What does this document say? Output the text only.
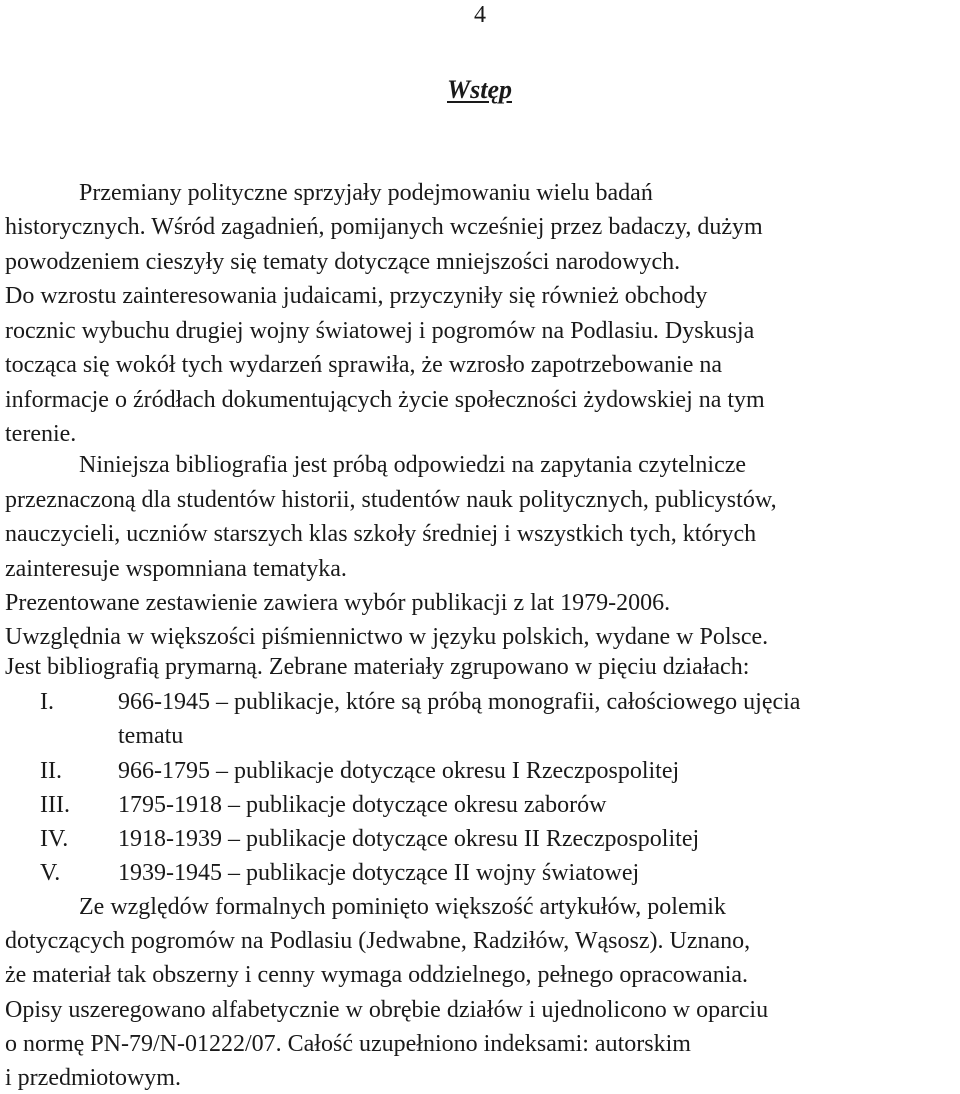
4
Wstęp
Przemiany polityczne sprzyjały podejmowaniu wielu badań
historycznych. Wśród zagadnień, pomijanych wcześniej przez badaczy, dużym
powodzeniem cieszyły się tematy dotyczące mniejszości narodowych.
Do wzrostu zainteresowania judaicami, przyczyniły się również obchody
rocznic wybuchu drugiej wojny światowej i pogromów na Podlasiu. Dyskusja
tocząca się wokół tych wydarzeń sprawiła, że wzrosło zapotrzebowanie na
informacje o źródłach dokumentujących życie społeczności żydowskiej na tym
terenie.
Niniejsza bibliografia jest próbą odpowiedzi na zapytania czytelnicze
przeznaczoną dla studentów historii, studentów nauk politycznych, publicystów,
nauczycieli, uczniów starszych klas szkoły średniej i wszystkich tych, których
zainteresuje wspomniana tematyka.
Prezentowane zestawienie zawiera wybór publikacji z lat 1979-2006.
Uwzględnia w większości piśmiennictwo w języku polskich, wydane w Polsce.
Jest bibliografią prymarną. Zebrane materiały zgrupowano w pięciu działach:
I.	966-1945 – publikacje, które są próbą monografii, całościowego ujęcia
tematu
II. 966-1795 – publikacje dotyczące okresu I Rzeczpospolitej
III. 1795-1918 – publikacje dotyczące okresu zaborów
IV. 1918-1939 – publikacje dotyczące okresu II Rzeczpospolitej
V. 1939-1945 – publikacje dotyczące II wojny światowej
Ze względów formalnych pominięto większość artykułów, polemik
dotyczących pogromów na Podlasiu (Jedwabne, Radziłów, Wąsosz). Uznano,
że materiał tak obszerny i cenny wymaga oddzielnego, pełnego opracowania.
Opisy uszeregowano alfabetycznie w obrębie działów i ujednolicono w oparciu
o normę PN-79/N-01222/07. Całość uzupełniono indeksami: autorskim
i przedmiotowym.
